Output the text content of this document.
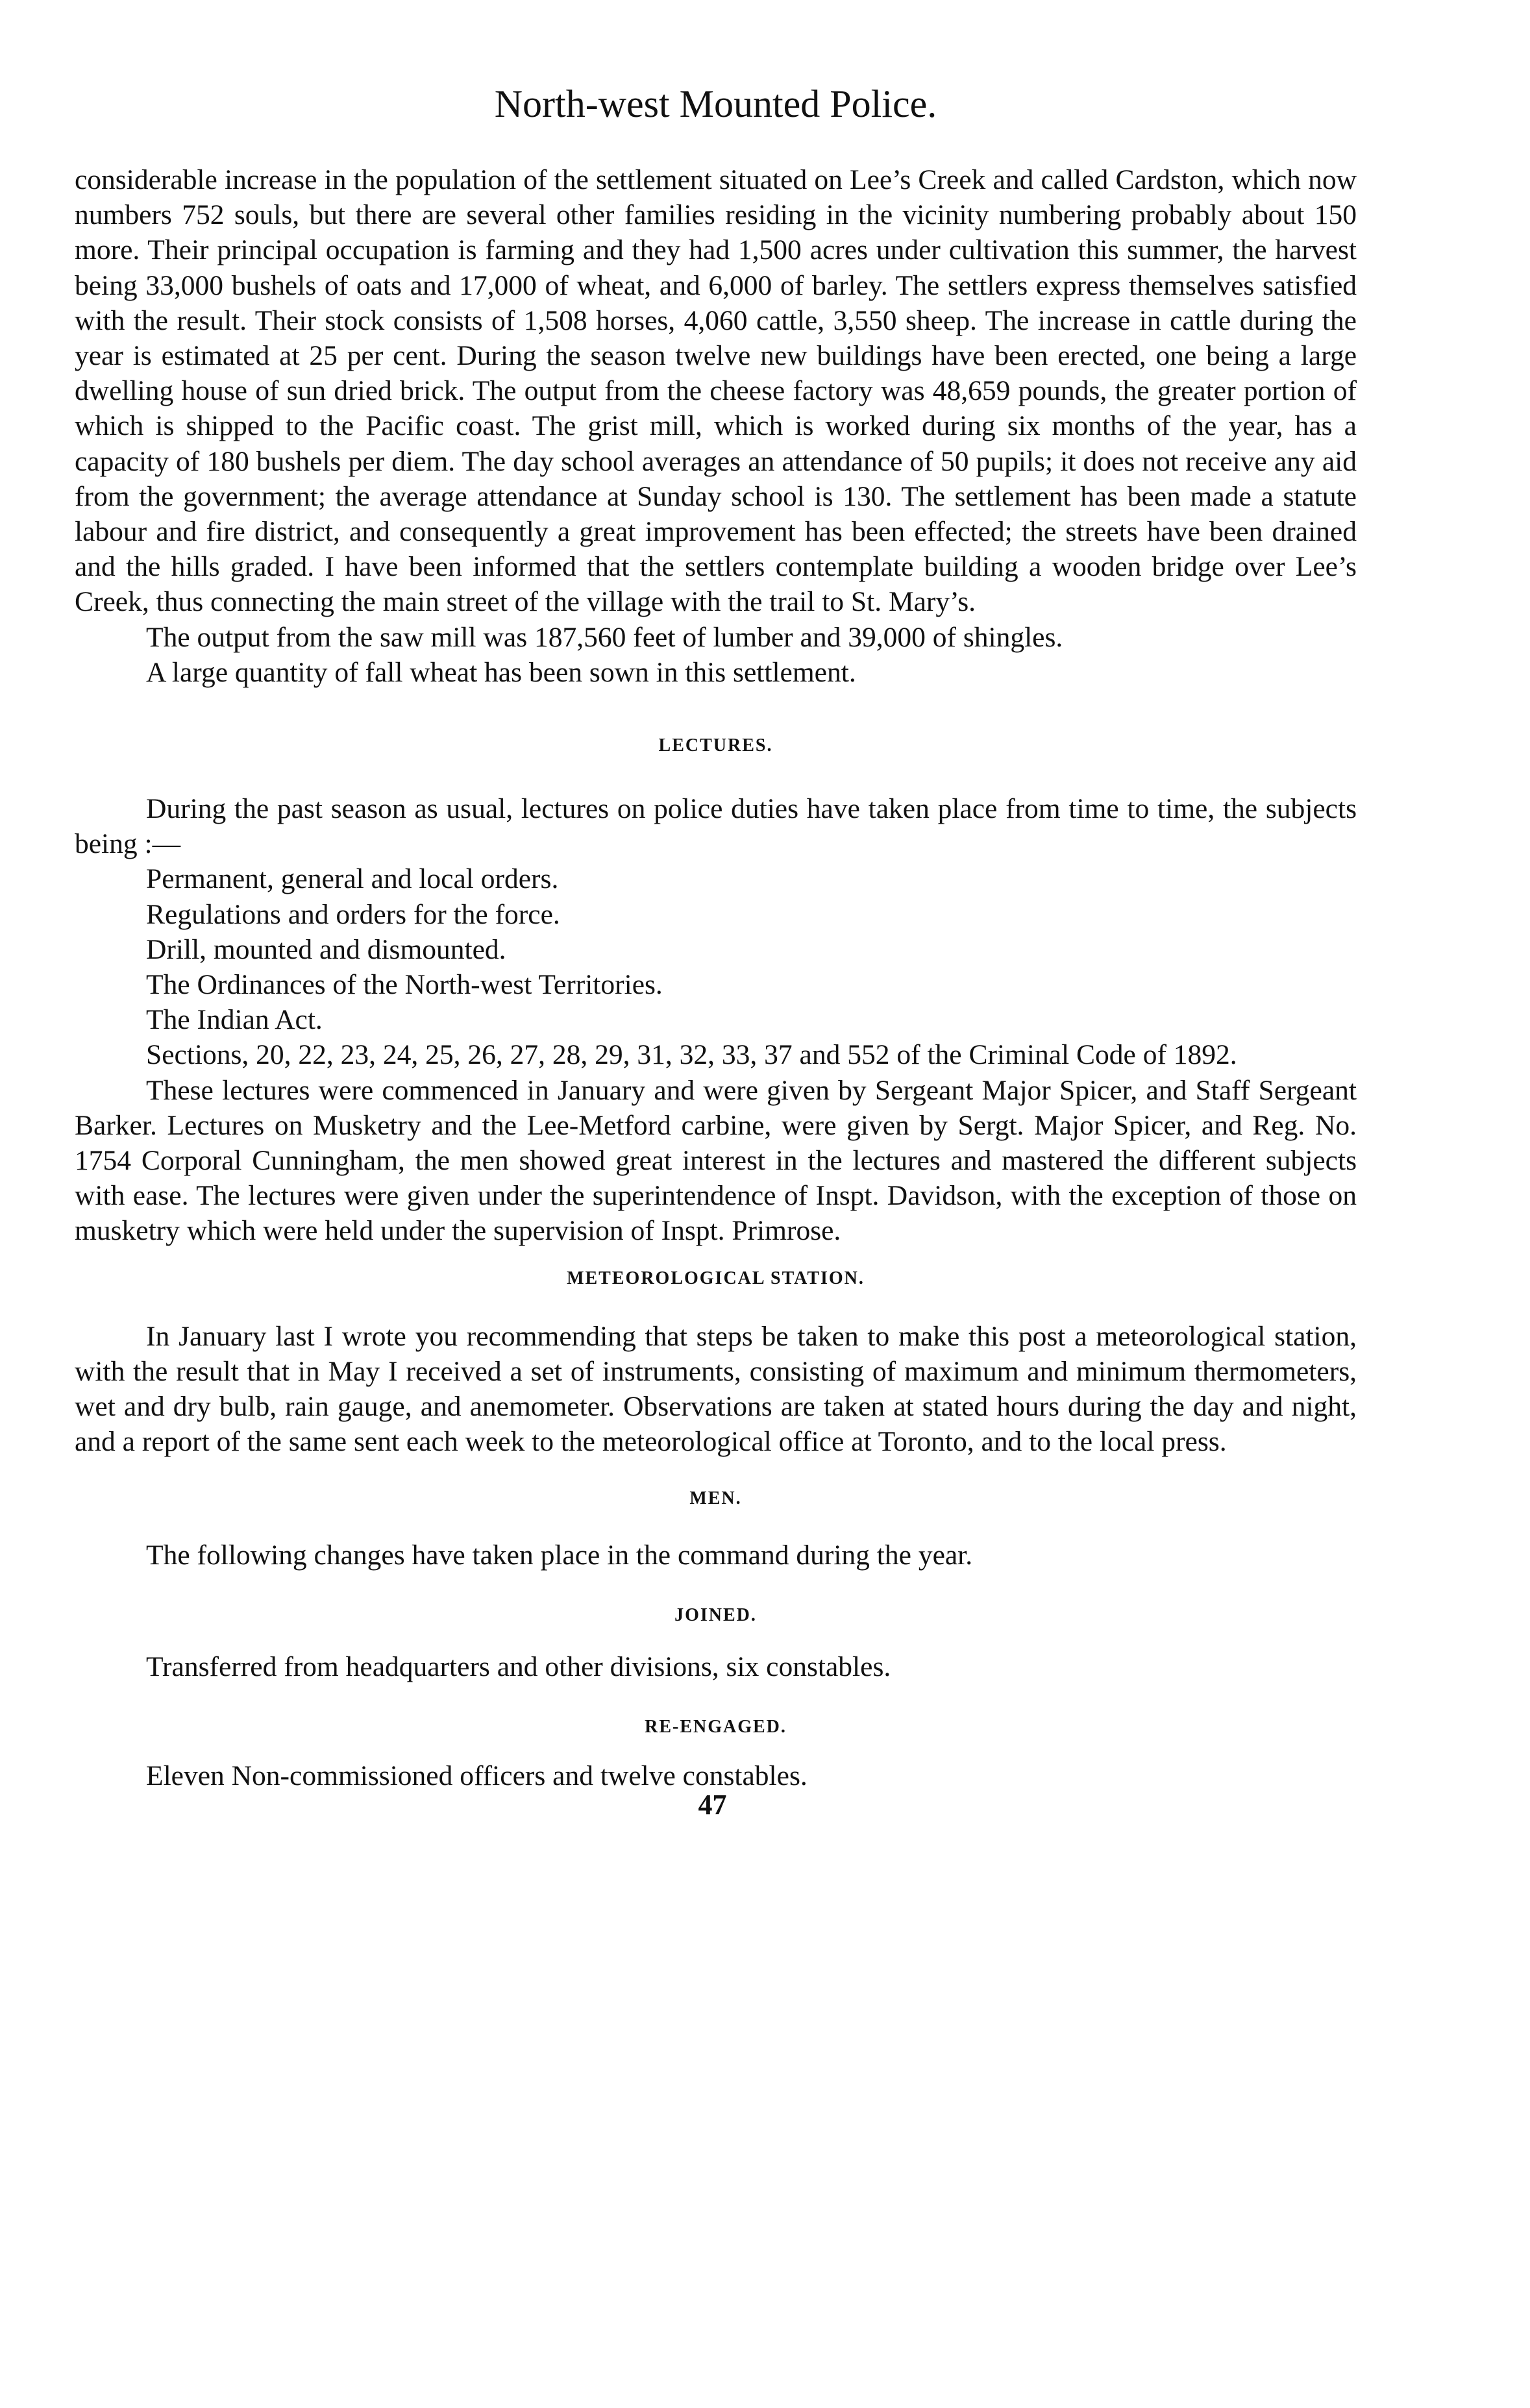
North-west Mounted Police.

considerable increase in the population of the settlement situated on Lee’s Creek and called Cardston, which now numbers 752 souls, but there are several other families residing in the vicinity numbering probably about 150 more. Their principal occupation is farming and they had 1,500 acres under cultivation this summer, the harvest being 33,000 bushels of oats and 17,000 of wheat, and 6,000 of barley. The settlers express themselves satisfied with the result. Their stock consists of 1,508 horses, 4,060 cattle, 3,550 sheep. The increase in cattle during the year is estimated at 25 per cent. During the season twelve new buildings have been erected, one being a large dwelling house of sun dried brick. The output from the cheese factory was 48,659 pounds, the greater portion of which is shipped to the Pacific coast. The grist mill, which is worked during six months of the year, has a capacity of 180 bushels per diem. The day school averages an attendance of 50 pupils; it does not receive any aid from the government; the average attendance at Sunday school is 130. The settlement has been made a statute labour and fire district, and consequently a great improvement has been effected; the streets have been drained and the hills graded. I have been informed that the settlers contemplate building a wooden bridge over Lee’s Creek, thus connecting the main street of the village with the trail to St. Mary’s.

The output from the saw mill was 187,560 feet of lumber and 39,000 of shingles.

A large quantity of fall wheat has been sown in this settlement.

LECTURES.

During the past season as usual, lectures on police duties have taken place from time to time, the subjects being :—

Permanent, general and local orders.

Regulations and orders for the force.

Drill, mounted and dismounted.

The Ordinances of the North-west Territories.

The Indian Act.

Sections, 20, 22, 23, 24, 25, 26, 27, 28, 29, 31, 32, 33, 37 and 552 of the Criminal Code of 1892.

These lectures were commenced in January and were given by Sergeant Major Spicer, and Staff Sergeant Barker. Lectures on Musketry and the Lee-Metford carbine, were given by Sergt. Major Spicer, and Reg. No. 1754 Corporal Cunningham, the men showed great interest in the lectures and mastered the different subjects with ease. The lectures were given under the superintendence of Inspt. Davidson, with the exception of those on musketry which were held under the supervision of Inspt. Primrose.

METEOROLOGICAL STATION.

In January last I wrote you recommending that steps be taken to make this post a meteorological station, with the result that in May I received a set of instruments, consisting of maximum and minimum thermometers, wet and dry bulb, rain gauge, and anemometer. Observations are taken at stated hours during the day and night, and a report of the same sent each week to the meteorological office at Toronto, and to the local press.

MEN.

The following changes have taken place in the command during the year.

JOINED.

Transferred from headquarters and other divisions, six constables.

RE-ENGAGED.

Eleven Non-commissioned officers and twelve constables.

47
